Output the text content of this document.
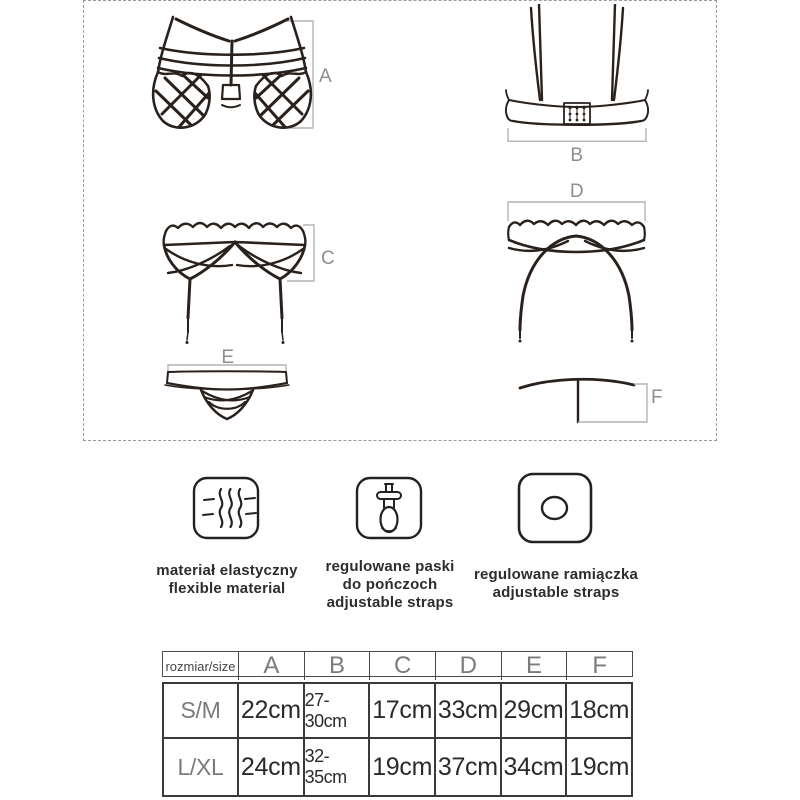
A
B
C
D
E
F
materiał elastyczny
flexible material
regulowane paski
do pończoch
adjustable straps
regulowane ramiączka
adjustable straps
rozmiar/size	A	B	C	D	E	F
S/M 22cm 27-30cm	17cm 33cm 29cm 18cm
L/XL 24cm 32-35cm	19cm 37cm 34cm 19cm
